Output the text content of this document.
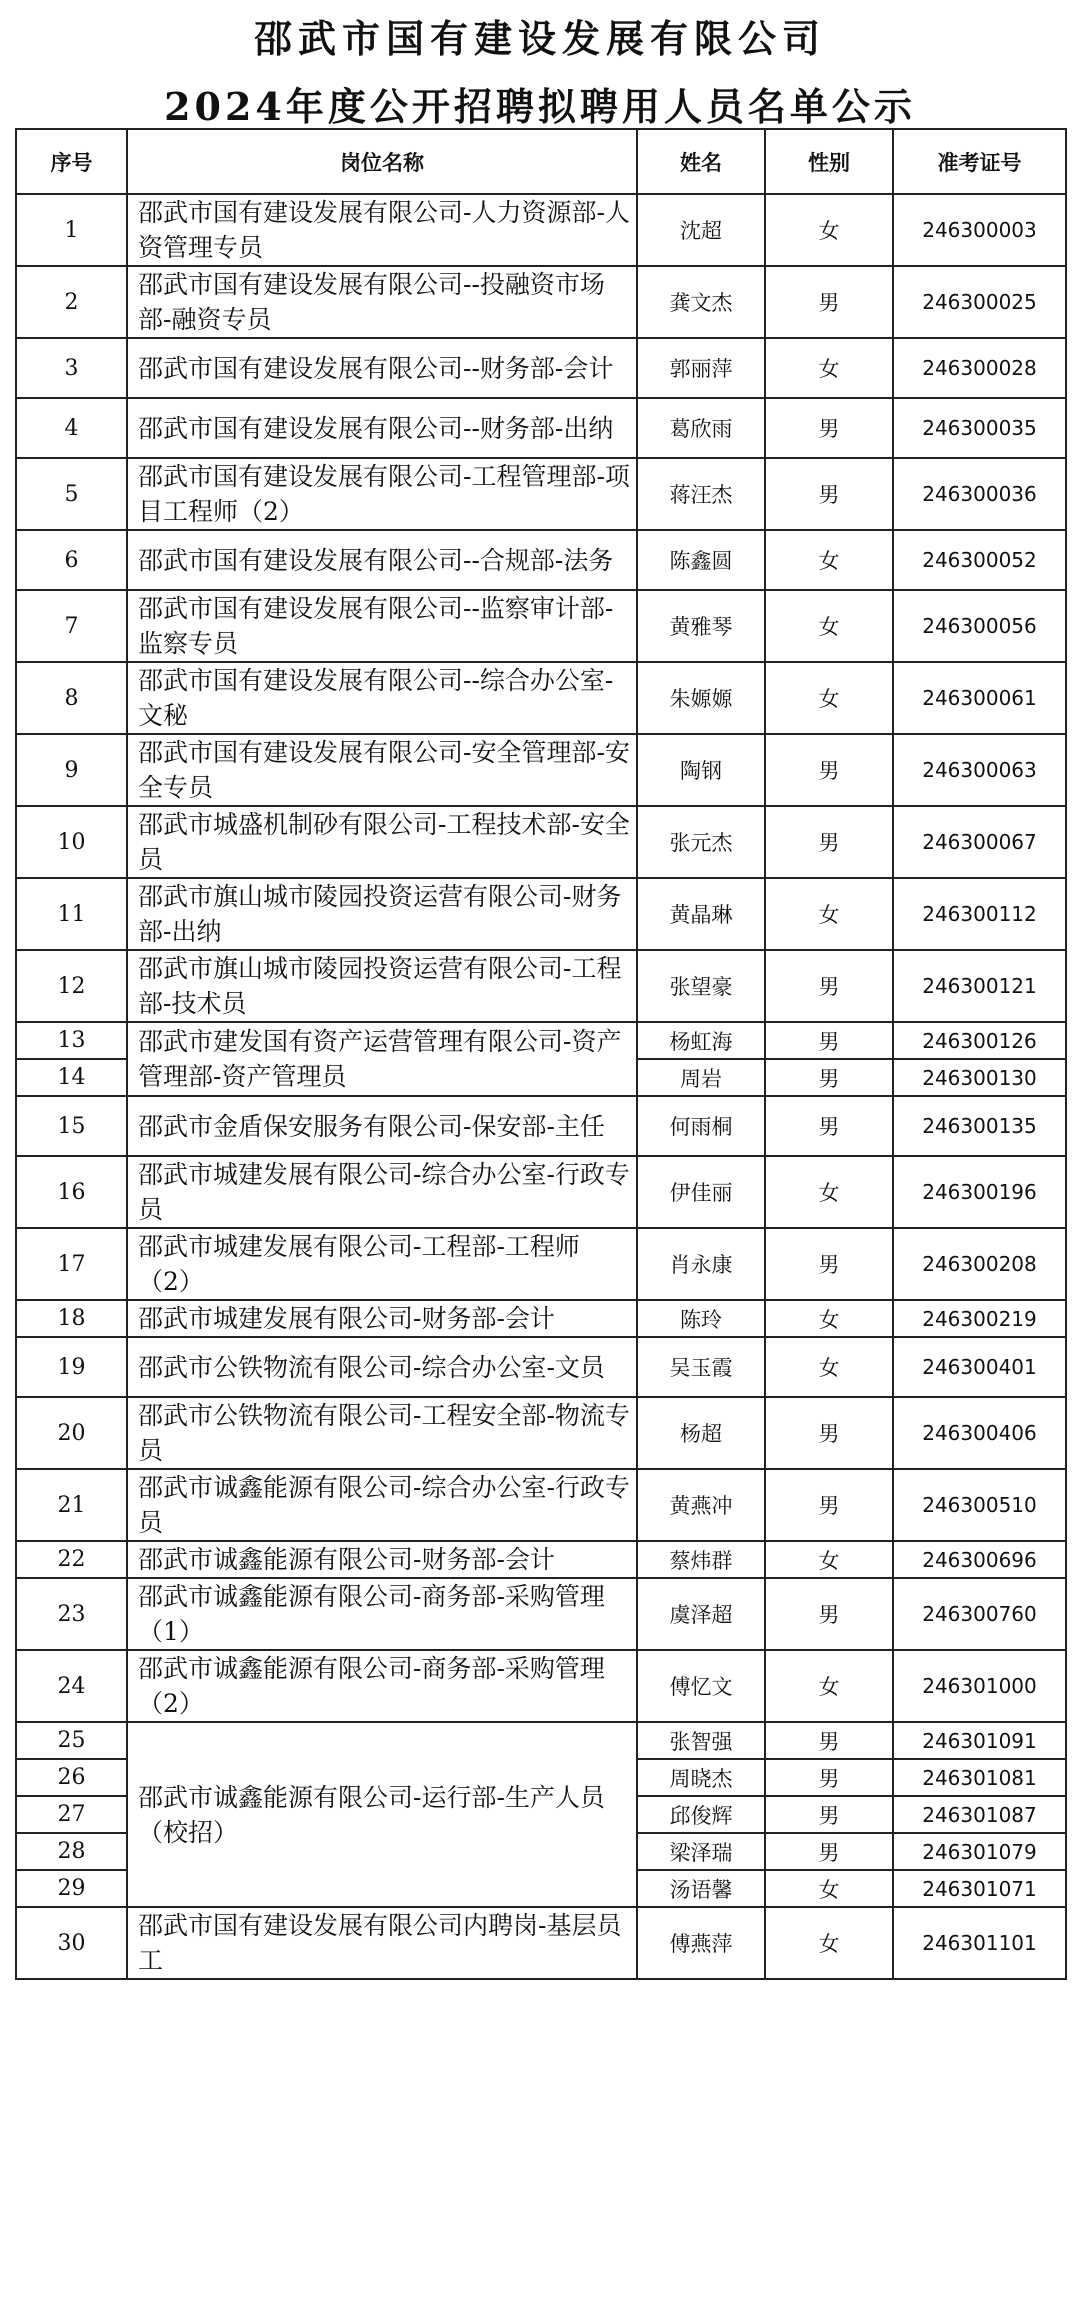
邵武市国有建设发展有限公司
2024年度公开招聘拟聘用人员名单公示
序号	岗位名称	姓名	性别	准考证号
1	邵武市国有建设发展有限公司-人力资源部-人资管理专员	沈超	女	246300003
2	邵武市国有建设发展有限公司--投融资市场部-融资专员	龚文杰	男	246300025
3	邵武市国有建设发展有限公司--财务部-会计	郭丽萍	女	246300028
4	邵武市国有建设发展有限公司--财务部-出纳	葛欣雨	男	246300035
5	邵武市国有建设发展有限公司-工程管理部-项目工程师（2）	蒋汪杰	男	246300036
6	邵武市国有建设发展有限公司--合规部-法务	陈鑫圆	女	246300052
7	邵武市国有建设发展有限公司--监察审计部-监察专员	黄雅琴	女	246300056
8	邵武市国有建设发展有限公司--综合办公室-文秘	朱嫄嫄	女	246300061
9	邵武市国有建设发展有限公司-安全管理部-安全专员	陶钢	男	246300063
10	邵武市城盛机制砂有限公司-工程技术部-安全员	张元杰	男	246300067
11	邵武市旗山城市陵园投资运营有限公司-财务部-出纳	黄晶琳	女	246300112
12	邵武市旗山城市陵园投资运营有限公司-工程部-技术员	张望豪	男	246300121
13	邵武市建发国有资产运营管理有限公司-资产管理部-资产管理员	杨虹海	男	246300126
14		周岩	男	246300130
15	邵武市金盾保安服务有限公司-保安部-主任	何雨桐	男	246300135
16	邵武市城建发展有限公司-综合办公室-行政专员	伊佳丽	女	246300196
17	邵武市城建发展有限公司-工程部-工程师（2）	肖永康	男	246300208
18	邵武市城建发展有限公司-财务部-会计	陈玲	女	246300219
19	邵武市公铁物流有限公司-综合办公室-文员	吴玉霞	女	246300401
20	邵武市公铁物流有限公司-工程安全部-物流专员	杨超	男	246300406
21	邵武市诚鑫能源有限公司-综合办公室-行政专员	黄燕冲	男	246300510
22	邵武市诚鑫能源有限公司-财务部-会计	蔡炜群	女	246300696
23	邵武市诚鑫能源有限公司-商务部-采购管理（1）	虞泽超	男	246300760
24	邵武市诚鑫能源有限公司-商务部-采购管理（2）	傅忆文	女	246301000
25	邵武市诚鑫能源有限公司-运行部-生产人员（校招）	张智强	男	246301091
26		周晓杰	男	246301081
27		邱俊辉	男	246301087
28		梁泽瑞	男	246301079
29		汤语馨	女	246301071
30	邵武市国有建设发展有限公司内聘岗-基层员工	傅燕萍	女	246301101
